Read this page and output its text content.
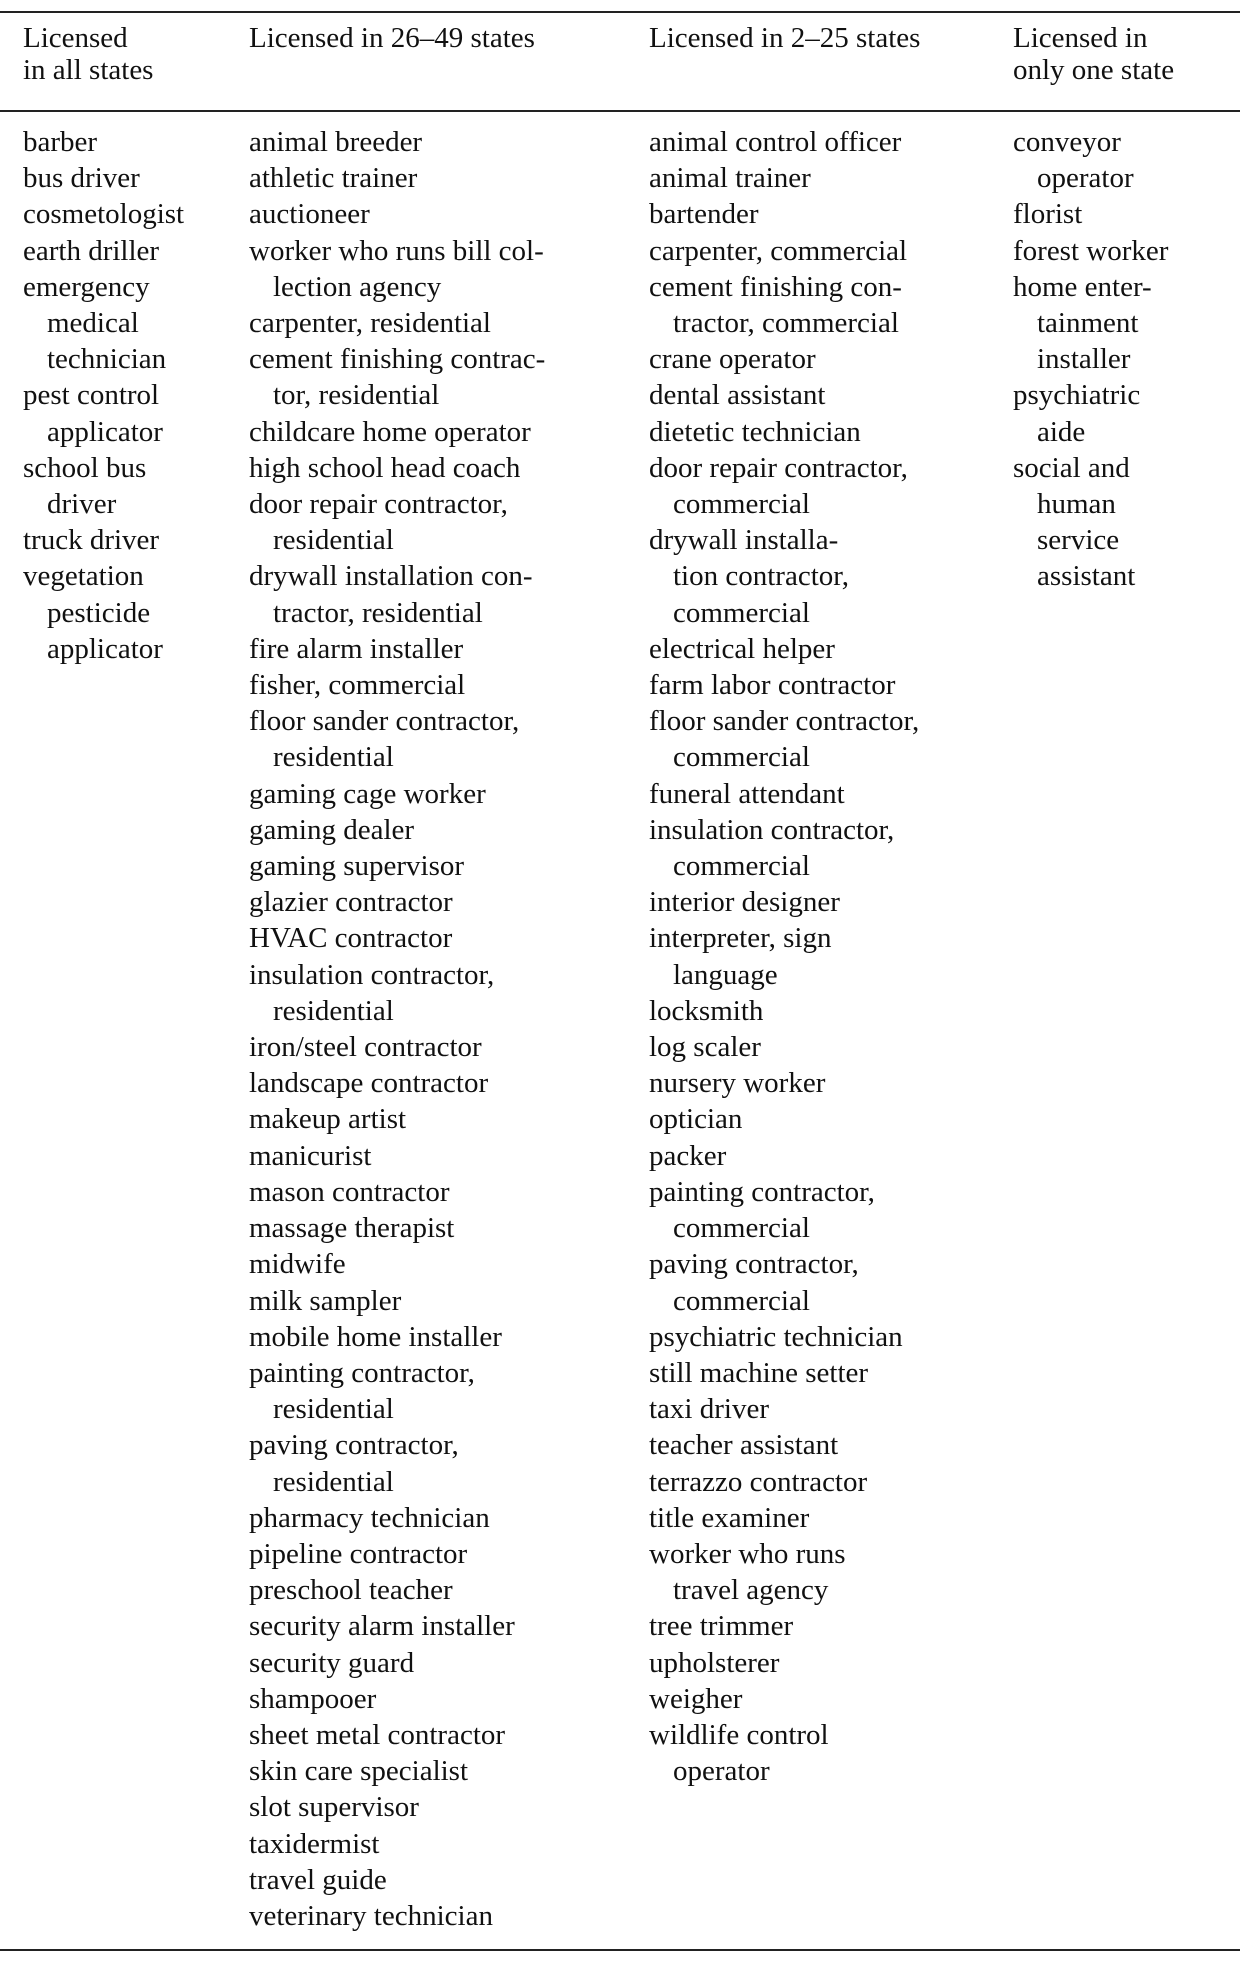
Licensed
in all states
barber
bus driver
cosmetologist
earth driller
emergency
medical
technician
pest control
applicator
school bus
driver
truck driver
vegetation
pesticide
applicator
Licensed in 26–49 states
animal breeder
athletic trainer
auctioneer
worker who runs bill col-
lection agency
carpenter, residential
cement finishing contrac-
tor, residential
childcare home operator
high school head coach
door repair contractor,
residential
drywall installation con-
tractor, residential
fire alarm installer
fisher, commercial
floor sander contractor,
residential
gaming cage worker
gaming dealer
gaming supervisor
glazier contractor
HVAC contractor
insulation contractor,
residential
iron/steel contractor
landscape contractor
makeup artist
manicurist
mason contractor
massage therapist
midwife
milk sampler
mobile home installer
painting contractor,
residential
paving contractor,
residential
pharmacy technician
pipeline contractor
preschool teacher
security alarm installer
security guard
shampooer
sheet metal contractor
skin care specialist
slot supervisor
taxidermist
travel guide
veterinary technician
Licensed in 2–25 states
animal control officer
animal trainer
bartender
carpenter, commercial
cement finishing con-
tractor, commercial
crane operator
dental assistant
dietetic technician
door repair contractor,
commercial
drywall installa-
tion contractor,
commercial
electrical helper
farm labor contractor
floor sander contractor,
commercial
funeral attendant
insulation contractor,
commercial
interior designer
interpreter, sign
language
locksmith
log scaler
nursery worker
optician
packer
painting contractor,
commercial
paving contractor,
commercial
psychiatric technician
still machine setter
taxi driver
teacher assistant
terrazzo contractor
title examiner
worker who runs
travel agency
tree trimmer
upholsterer
weigher
wildlife control
operator
Licensed in
only one state
conveyor
operator
florist
forest worker
home enter-
tainment
installer
psychiatric
aide
social and
human
service
assistant
